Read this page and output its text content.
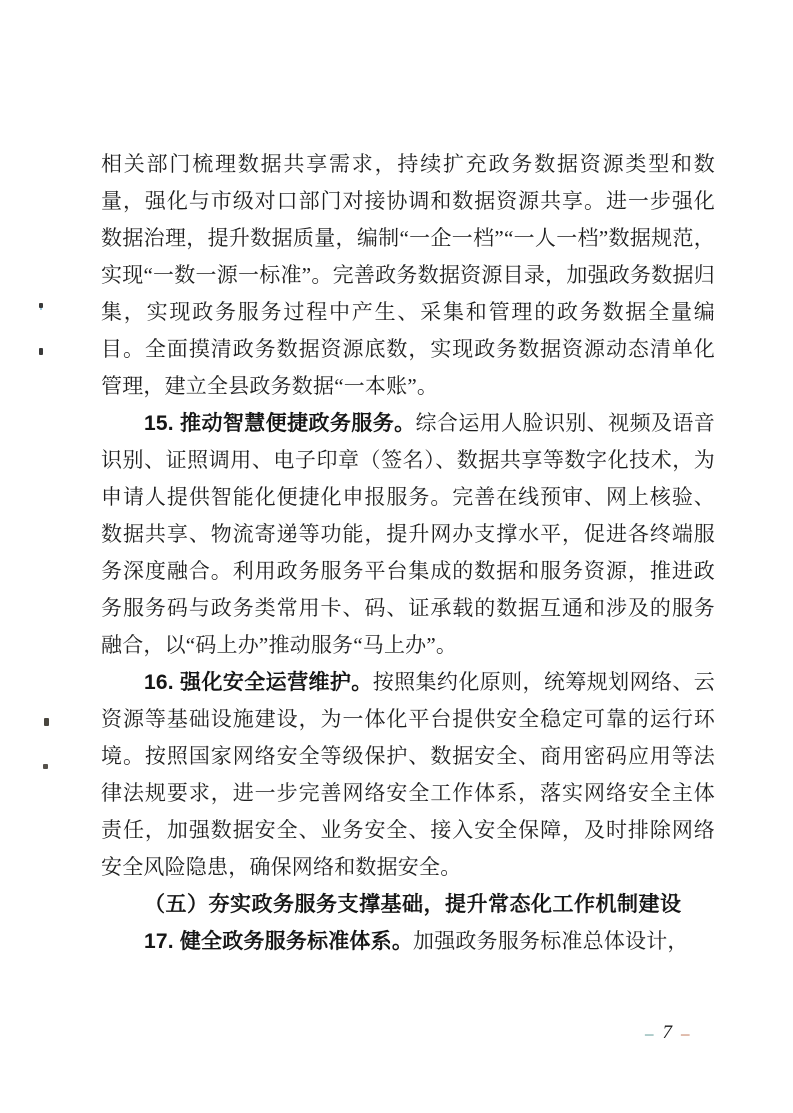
相关部门梳理数据共享需求，持续扩充政务数据资源类型和数量，强化与市级对口部门对接协调和数据资源共享。进一步强化数据治理，提升数据质量，编制“一企一档”“一人一档”数据规范，实现“一数一源一标准”。完善政务数据资源目录，加强政务数据归集，实现政务服务过程中产生、采集和管理的政务数据全量编目。全面摸清政务数据资源底数，实现政务数据资源动态清单化管理，建立全县政务数据“一本账”。

15. 推动智慧便捷政务服务。综合运用人脸识别、视频及语音识别、证照调用、电子印章（签名）、数据共享等数字化技术，为申请人提供智能化便捷化申报服务。完善在线预审、网上核验、数据共享、物流寄递等功能，提升网办支撑水平，促进各终端服务深度融合。利用政务服务平台集成的数据和服务资源，推进政务服务码与政务类常用卡、码、证承载的数据互通和涉及的服务融合，以“码上办”推动服务“马上办”。

16. 强化安全运营维护。按照集约化原则，统筹规划网络、云资源等基础设施建设，为一体化平台提供安全稳定可靠的运行环境。按照国家网络安全等级保护、数据安全、商用密码应用等法律法规要求，进一步完善网络安全工作体系，落实网络安全主体责任，加强数据安全、业务安全、接入安全保障，及时排除网络安全风险隐患，确保网络和数据安全。

（五）夯实政务服务支撑基础，提升常态化工作机制建设

17. 健全政务服务标准体系。加强政务服务标准总体设计，

– 7 –
